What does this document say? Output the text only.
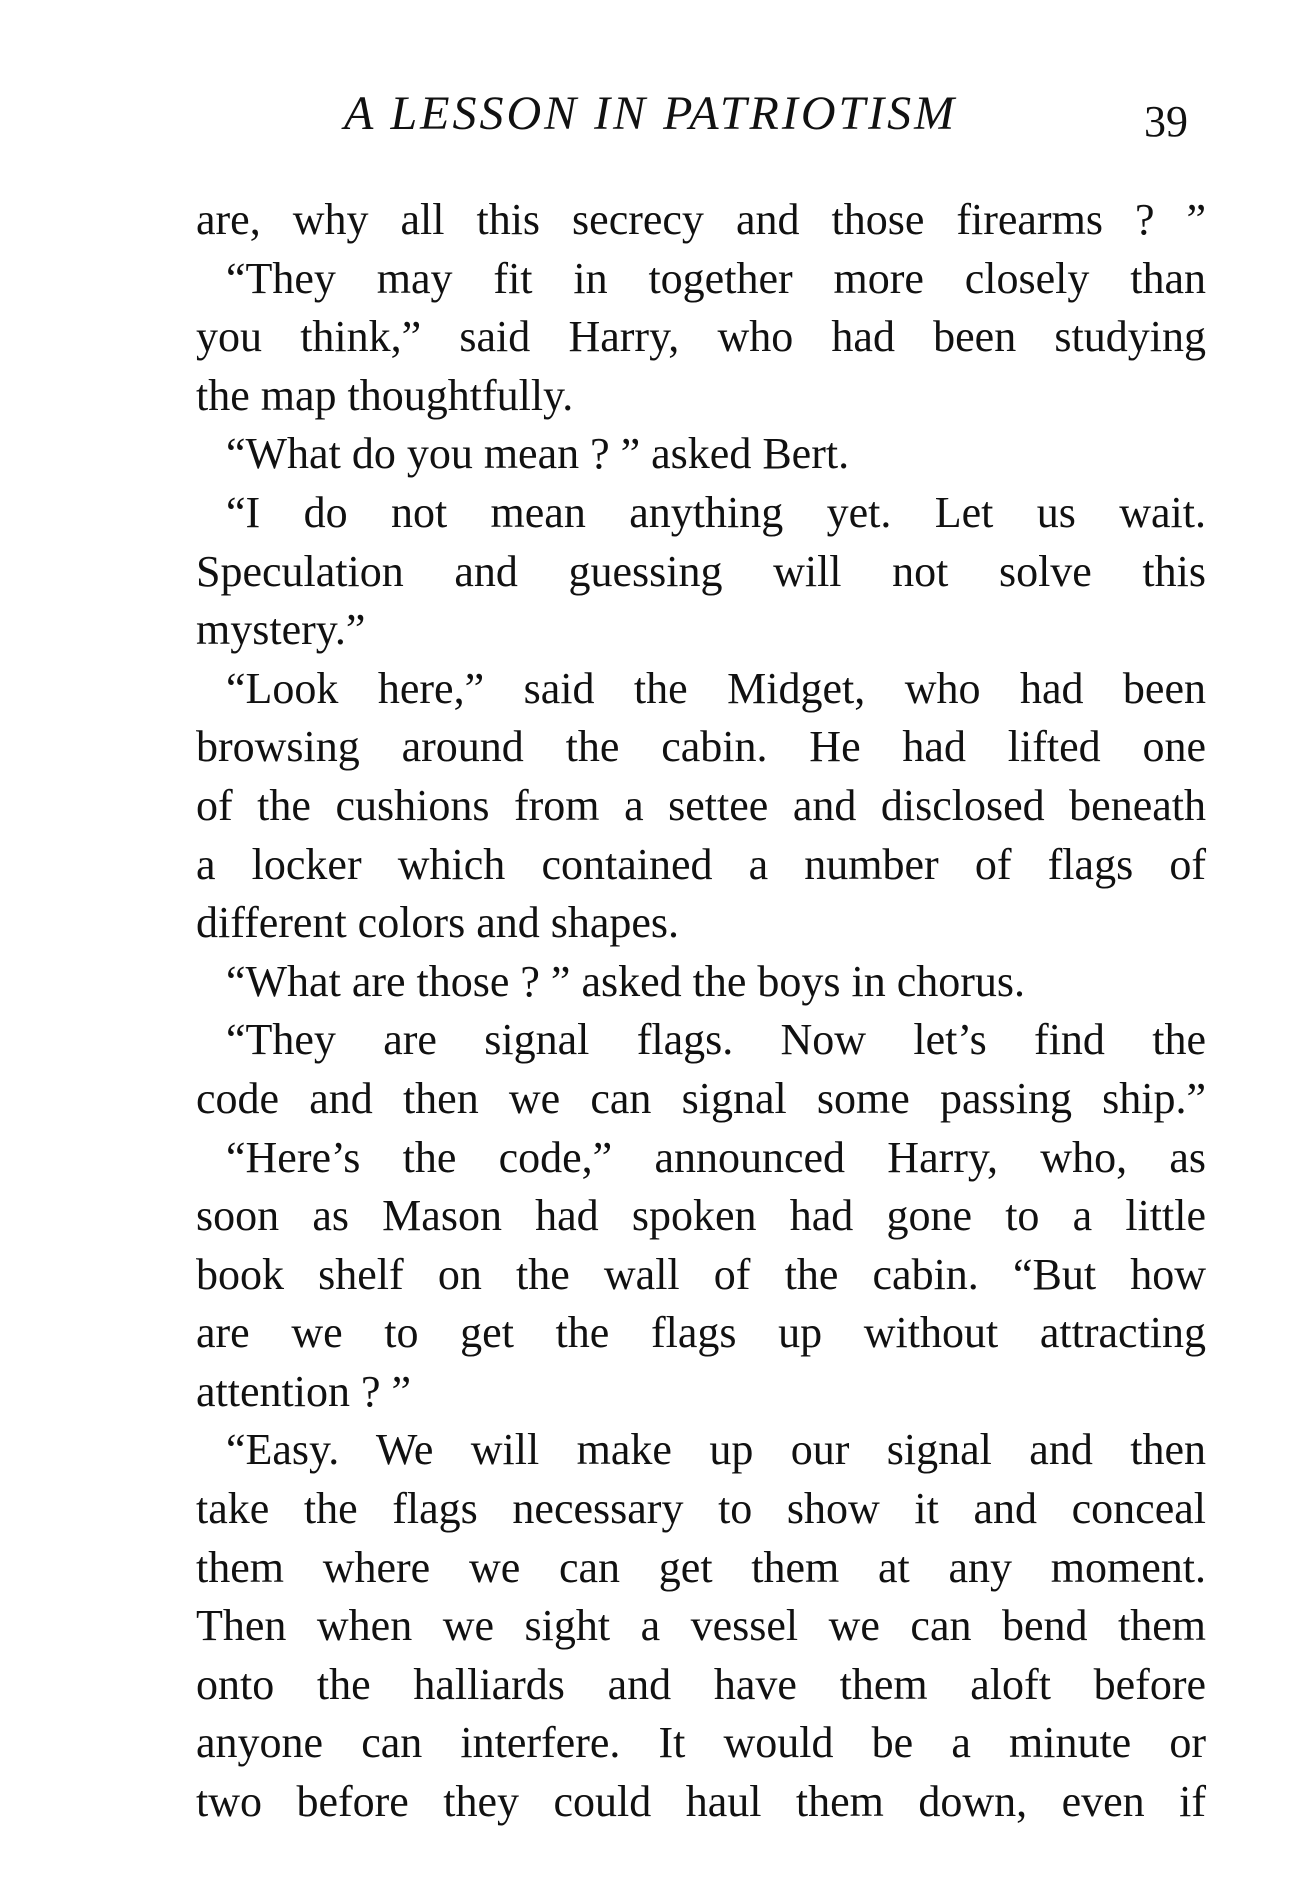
A LESSON IN PATRIOTISM	39
are, why all this secrecy and those firearms ? ”
“They may fit in together more closely than
you think,” said Harry, who had been studying
the map thoughtfully.
“What do you mean ? ” asked Bert.
“I do not mean anything yet. Let us wait.
Speculation and guessing will not solve this
mystery.”
“Look here,” said the Midget, who had been
browsing around the cabin. He had lifted one
of the cushions from a settee and disclosed beneath
a locker which contained a number of flags of
different colors and shapes.
“What are those ? ” asked the boys in chorus.
“They are signal flags. Now let’s find the
code and then we can signal some passing ship.”
“Here’s the code,” announced Harry, who, as
soon as Mason had spoken had gone to a little
book shelf on the wall of the cabin. “But how
are we to get the flags up without attracting
attention ? ”
“Easy. We will make up our signal and then
take the flags necessary to show it and conceal
them where we can get them at any moment.
Then when we sight a vessel we can bend them
onto the halliards and have them aloft before
anyone can interfere. It would be a minute or
two before they could haul them down, even if
